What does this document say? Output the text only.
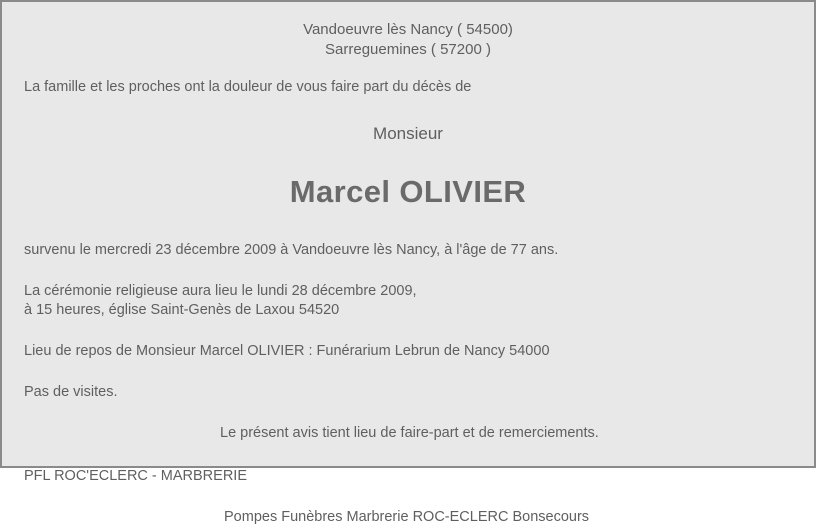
Vandoeuvre lès Nancy ( 54500)
Sarreguemines ( 57200 )
La famille et les proches ont la douleur de vous faire part du décès de
Monsieur
Marcel OLIVIER
survenu le mercredi 23 décembre 2009 à Vandoeuvre lès Nancy, à l'âge de 77 ans.
La cérémonie religieuse aura lieu le lundi 28 décembre 2009,
à 15 heures, église Saint-Genès de Laxou 54520
Lieu de repos de Monsieur Marcel OLIVIER : Funérarium Lebrun de Nancy 54000
Pas de visites.
Le présent avis tient lieu de faire-part et de remerciements.
PFL ROC'ECLERC - MARBRERIE
Pompes Funèbres Marbrerie ROC-ECLERC Bonsecours
